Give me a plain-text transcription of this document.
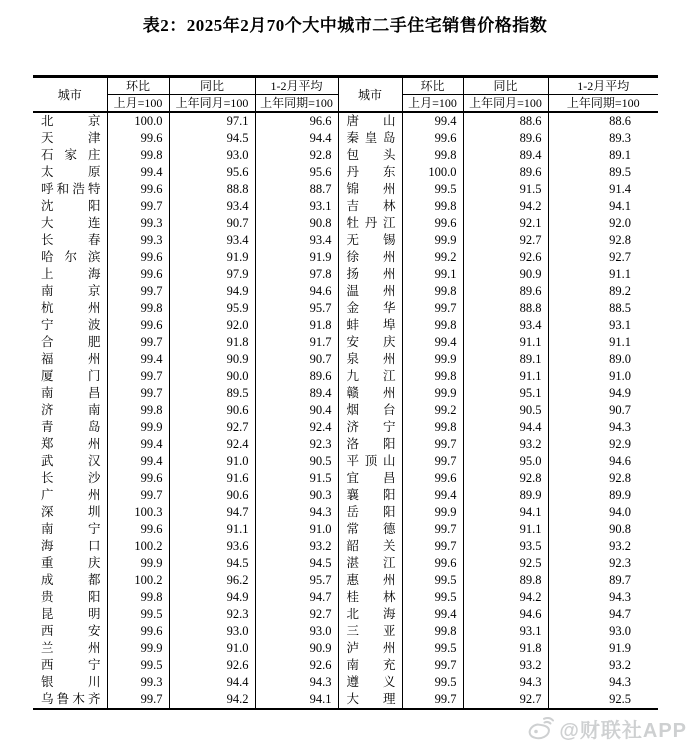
表2：2025年2月70个大中城市二手住宅销售价格指数
城市	环比	同比	1-2月平均	城市	环比	同比	1-2月平均
	上月=100	上年同月=100	上年同期=100		上月=100	上年同月=100	上年同期=100
北京	100.0	97.1	96.6	唐山	99.4	88.6	88.6
天津	99.6	94.5	94.4	秦皇岛	99.6	89.6	89.3
石家庄	99.8	93.0	92.8	包头	99.8	89.4	89.1
太原	99.4	95.6	95.6	丹东	100.0	89.6	89.5
呼和浩特	99.6	88.8	88.7	锦州	99.5	91.5	91.4
沈阳	99.7	93.4	93.1	吉林	99.8	94.2	94.1
大连	99.3	90.7	90.8	牡丹江	99.6	92.1	92.0
长春	99.3	93.4	93.4	无锡	99.9	92.7	92.8
哈尔滨	99.6	91.9	91.9	徐州	99.2	92.6	92.7
上海	99.6	97.9	97.8	扬州	99.1	90.9	91.1
南京	99.7	94.9	94.6	温州	99.8	89.6	89.2
杭州	99.8	95.9	95.7	金华	99.7	88.8	88.5
宁波	99.6	92.0	91.8	蚌埠	99.8	93.4	93.1
合肥	99.7	91.8	91.7	安庆	99.4	91.1	91.1
福州	99.4	90.9	90.7	泉州	99.9	89.1	89.0
厦门	99.7	90.0	89.6	九江	99.8	91.1	91.0
南昌	99.7	89.5	89.4	赣州	99.9	95.1	94.9
济南	99.8	90.6	90.4	烟台	99.2	90.5	90.7
青岛	99.9	92.7	92.4	济宁	99.8	94.4	94.3
郑州	99.4	92.4	92.3	洛阳	99.7	93.2	92.9
武汉	99.4	91.0	90.5	平顶山	99.7	95.0	94.6
长沙	99.6	91.6	91.5	宜昌	99.6	92.8	92.8
广州	99.7	90.6	90.3	襄阳	99.4	89.9	89.9
深圳	100.3	94.7	94.3	岳阳	99.9	94.1	94.0
南宁	99.6	91.1	91.0	常德	99.7	91.1	90.8
海口	100.2	93.6	93.2	韶关	99.7	93.5	93.2
重庆	99.9	94.5	94.5	湛江	99.6	92.5	92.3
成都	100.2	96.2	95.7	惠州	99.5	89.8	89.7
贵阳	99.8	94.9	94.7	桂林	99.5	94.2	94.3
昆明	99.5	92.3	92.7	北海	99.4	94.6	94.7
西安	99.6	93.0	93.0	三亚	99.8	93.1	93.0
兰州	99.9	91.0	90.9	泸州	99.5	91.8	91.9
西宁	99.5	92.6	92.6	南充	99.7	93.2	93.2
银川	99.3	94.4	94.3	遵义	99.5	94.3	94.3
乌鲁木齐	99.7	94.2	94.1	大理	99.7	92.7	92.5
@财联社APP
